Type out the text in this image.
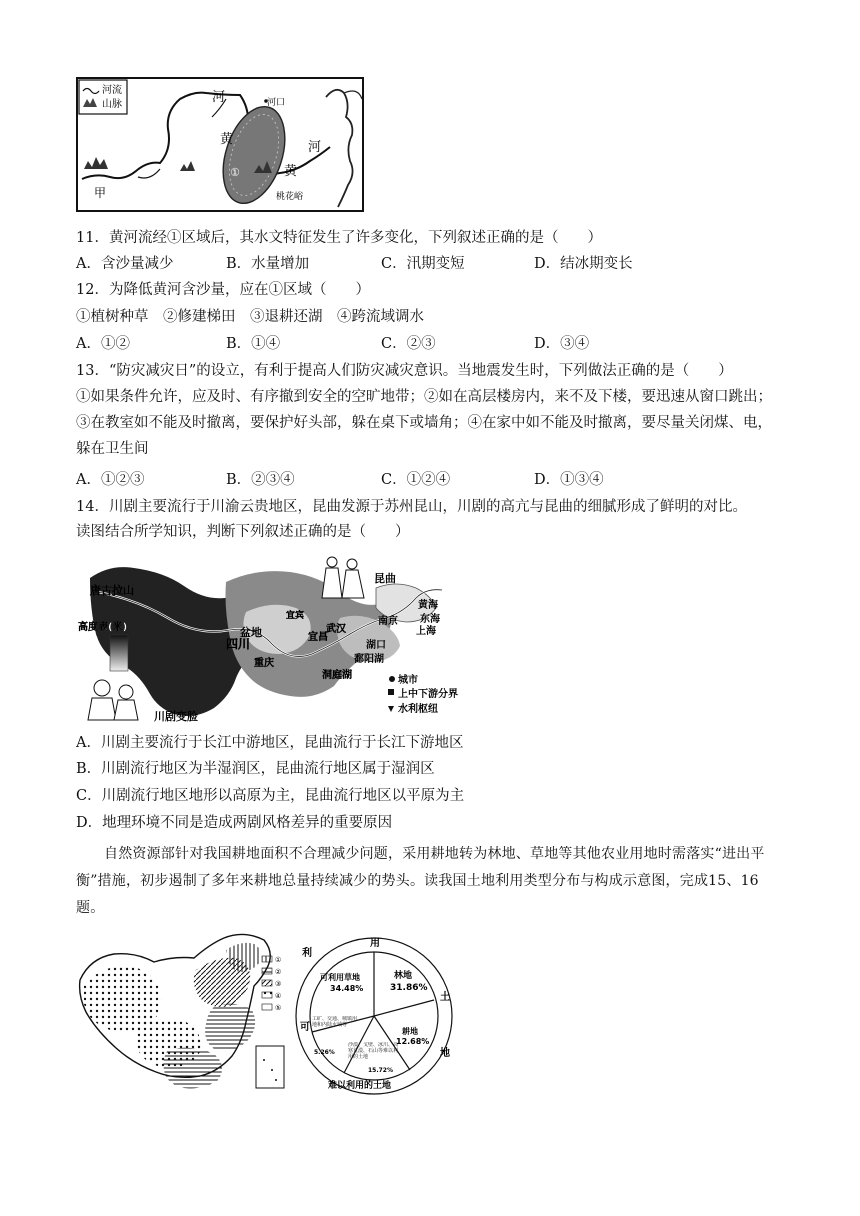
河流
山脉	河	河口
黄
①	黄
河
桃花峪
甲
11．黄河流经①区域后，其水文特征发生了许多变化，下列叙述正确的是（　　）
A．含沙量减少	B．水量增加	C．汛期变短	D．结冰期变长
12．为降低黄河含沙量，应在①区域（　　）
①植树种草　②修建梯田　③退耕还湖　④跨流域调水
A．①②	B．①④	C．②③	D．③④
13．“防灾减灾日”的设立，有利于提高人们防灾减灾意识。当地震发生时，下列做法正确的是（　　）
①如果条件允许，应及时、有序撤到安全的空旷地带；②如在高层楼房内，来不及下楼，要迅速从窗口跳出；③在教室如不能及时撤离，要保护好头部，躲在桌下或墙角；④在家中如不能及时撤离，要尽量关闭煤、电，躲在卫生间
A．①②③	B．②③④	C．①②④	D．①③④
14．川剧主要流行于川渝云贵地区，昆曲发源于苏州昆山，川剧的高亢与昆曲的细腻形成了鲜明的对比。
读图结合所学知识，判断下列叙述正确的是（　　）
高度表(米)
3000
2000
1000
500
200
唐古拉山
四川
盆地
重庆
宜宾
宜昌
武汉
南京
上海
黄海
东海
湖口
鄱阳湖
洞庭湖
昆曲
川剧变脸
城市
上中下游分界
水利枢纽
A．川剧主要流行于长江中游地区，昆曲流行于长江下游地区
B．川剧流行地区为半湿润区，昆曲流行地区属于湿润区
C．川剧流行地区地形以高原为主，昆曲流行地区以平原为主
D．地理环境不同是造成两剧风格差异的重要原因
自然资源部针对我国耕地面积不合理减少问题，采用耕地转为林地、草地等其他农业用地时需落实“进出平衡”措施，初步遏制了多年来耕地总量持续减少的势头。读我国土地利用类型分布与构成示意图，完成15、16题。
①
②
③
④
⑤
用
利
土
地
可
难以利用的土地
可利用草地
34.48%
林地
31.86%
耕地
12.68%
工矿、交通、城镇用地和内陆水域等
5.26%
沙漠、戈壁、冰川、高寒荒漠、石山等难以利用的土地
15.72%
